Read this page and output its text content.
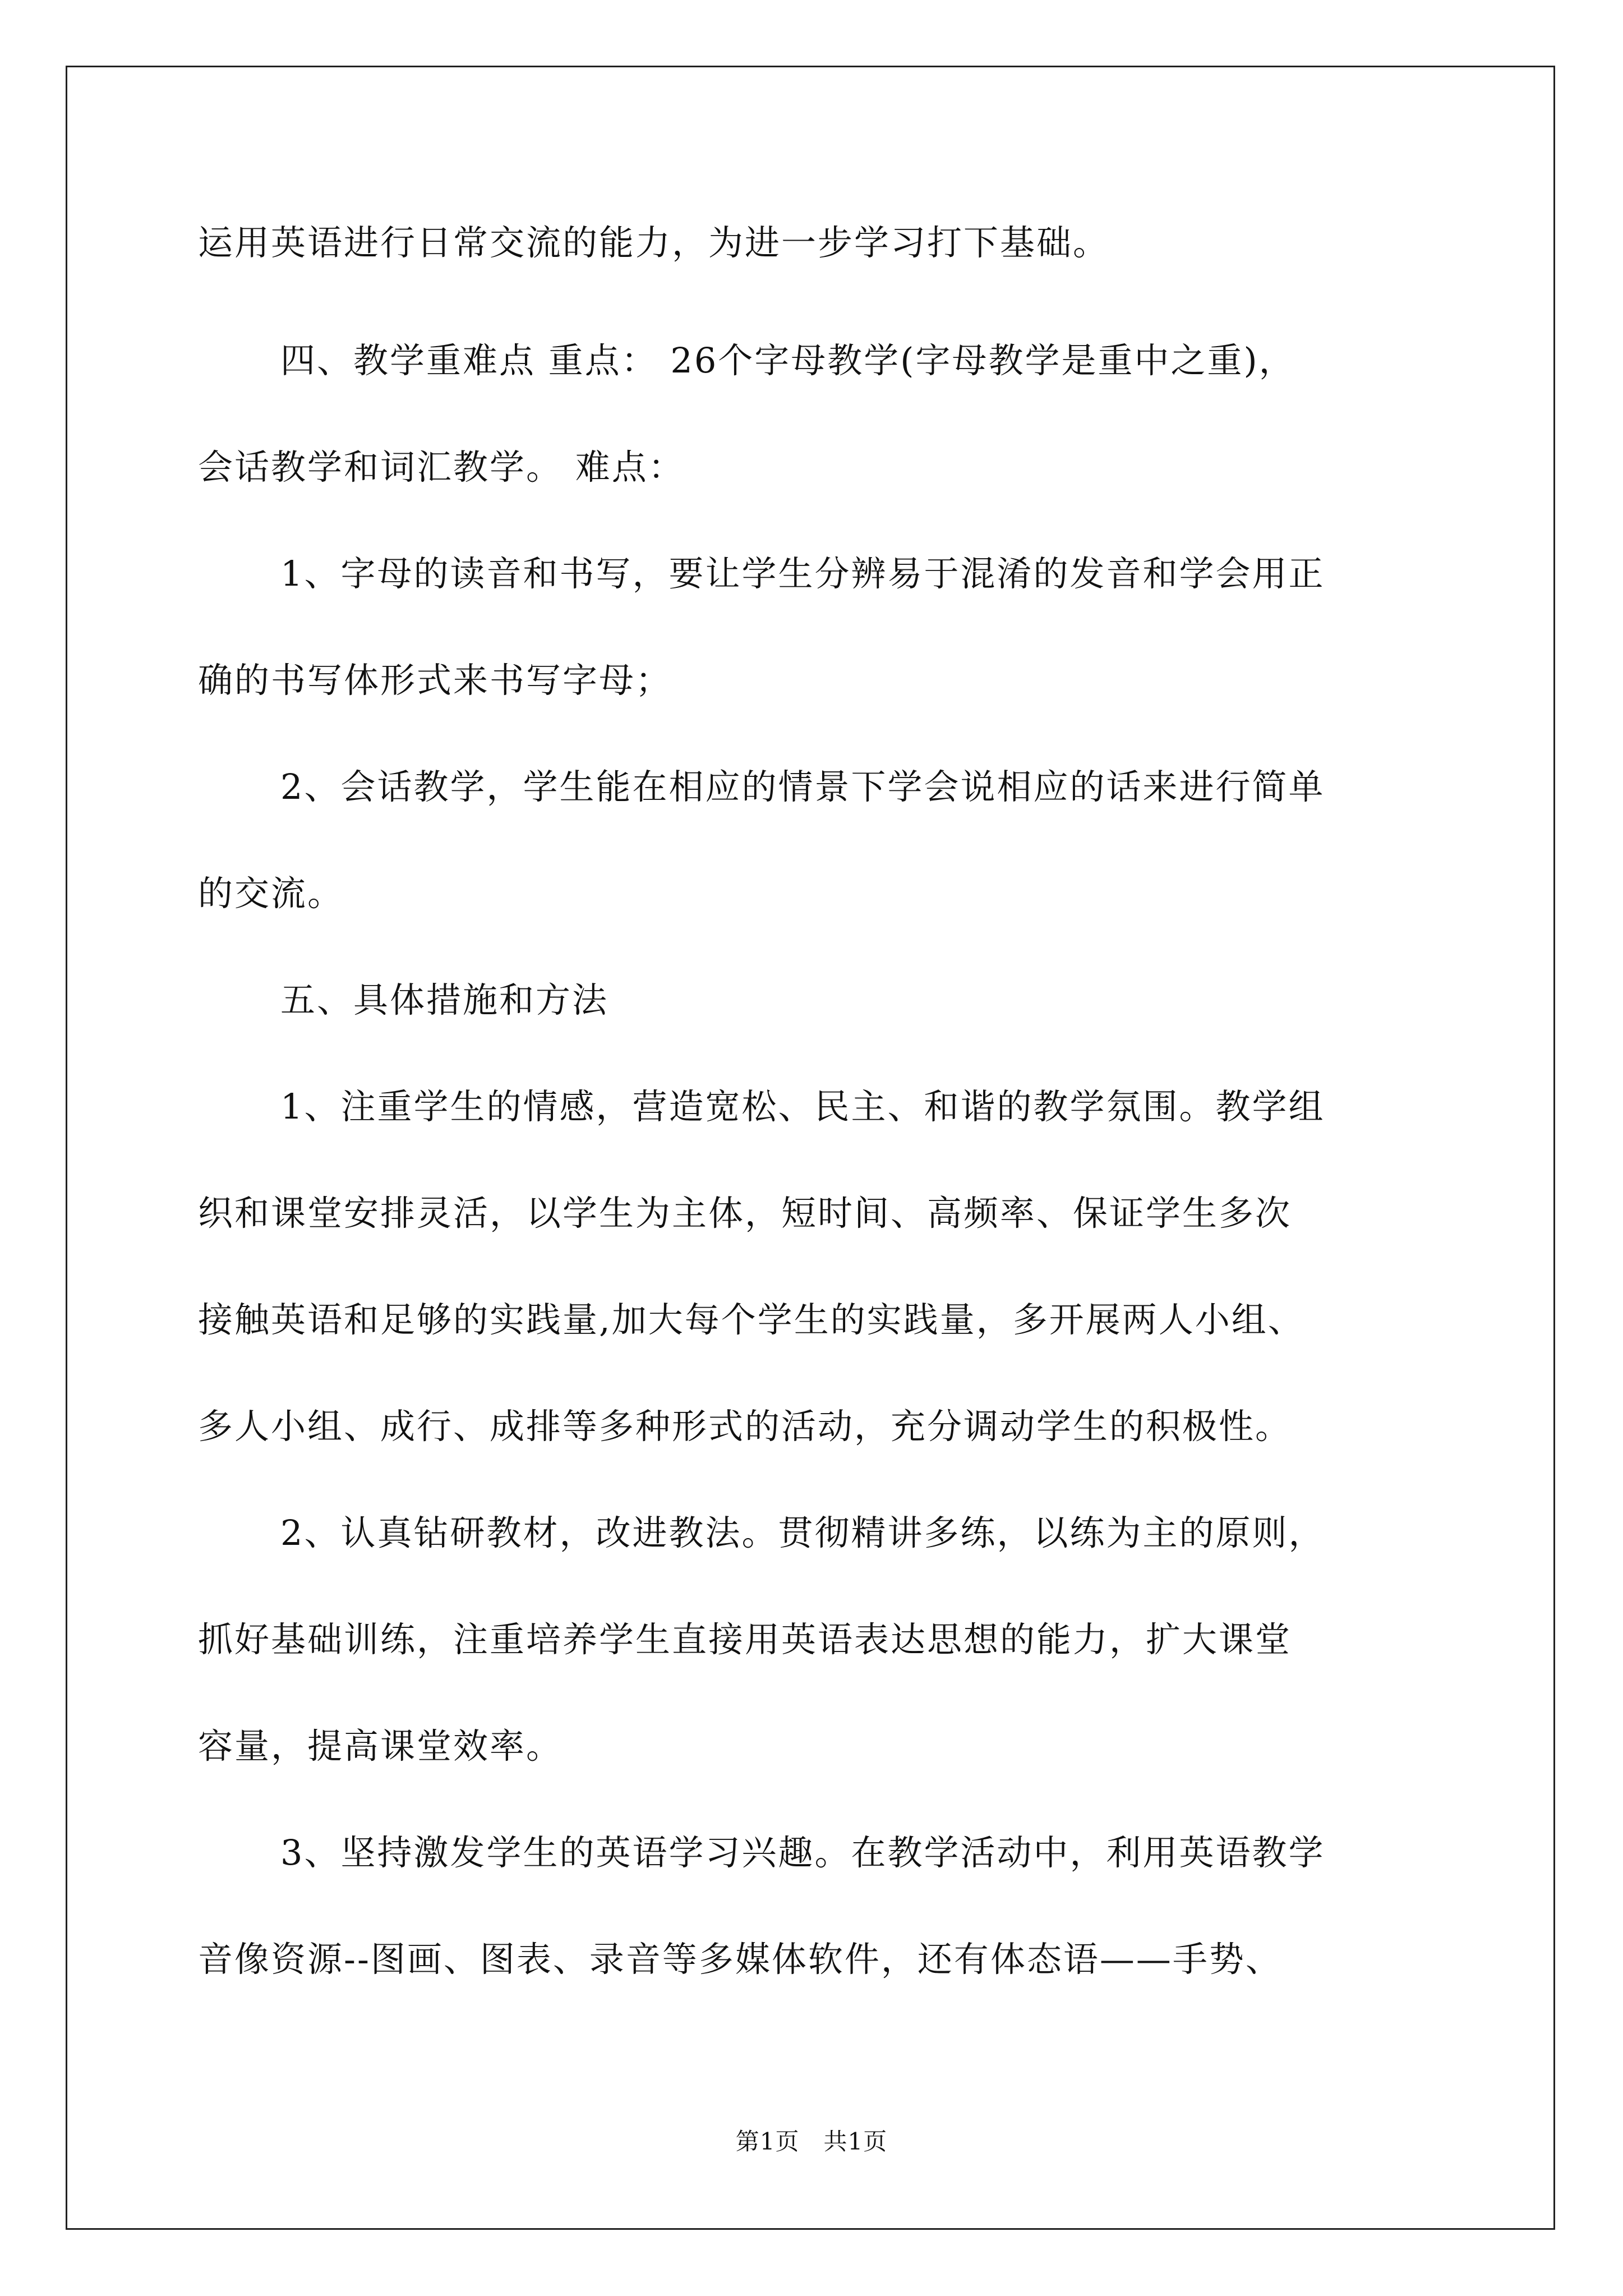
运用英语进行日常交流的能力，为进一步学习打下基础。
四、教学重难点 重点： 26个字母教学(字母教学是重中之重)，
会话教学和词汇教学。 难点：
1、字母的读音和书写，要让学生分辨易于混淆的发音和学会用正
确的书写体形式来书写字母；
2、会话教学，学生能在相应的情景下学会说相应的话来进行简单
的交流。
五、具体措施和方法
1、注重学生的情感，营造宽松、民主、和谐的教学氛围。教学组
织和课堂安排灵活，以学生为主体，短时间、高频率、保证学生多次
接触英语和足够的实践量,加大每个学生的实践量，多开展两人小组、
多人小组、成行、成排等多种形式的活动，充分调动学生的积极性。
2、认真钻研教材，改进教法。贯彻精讲多练，以练为主的原则，
抓好基础训练，注重培养学生直接用英语表达思想的能力，扩大课堂
容量，提高课堂效率。
3、坚持激发学生的英语学习兴趣。在教学活动中，利用英语教学
音像资源--图画、图表、录音等多媒体软件，还有体态语——手势、
第1页　共1页
